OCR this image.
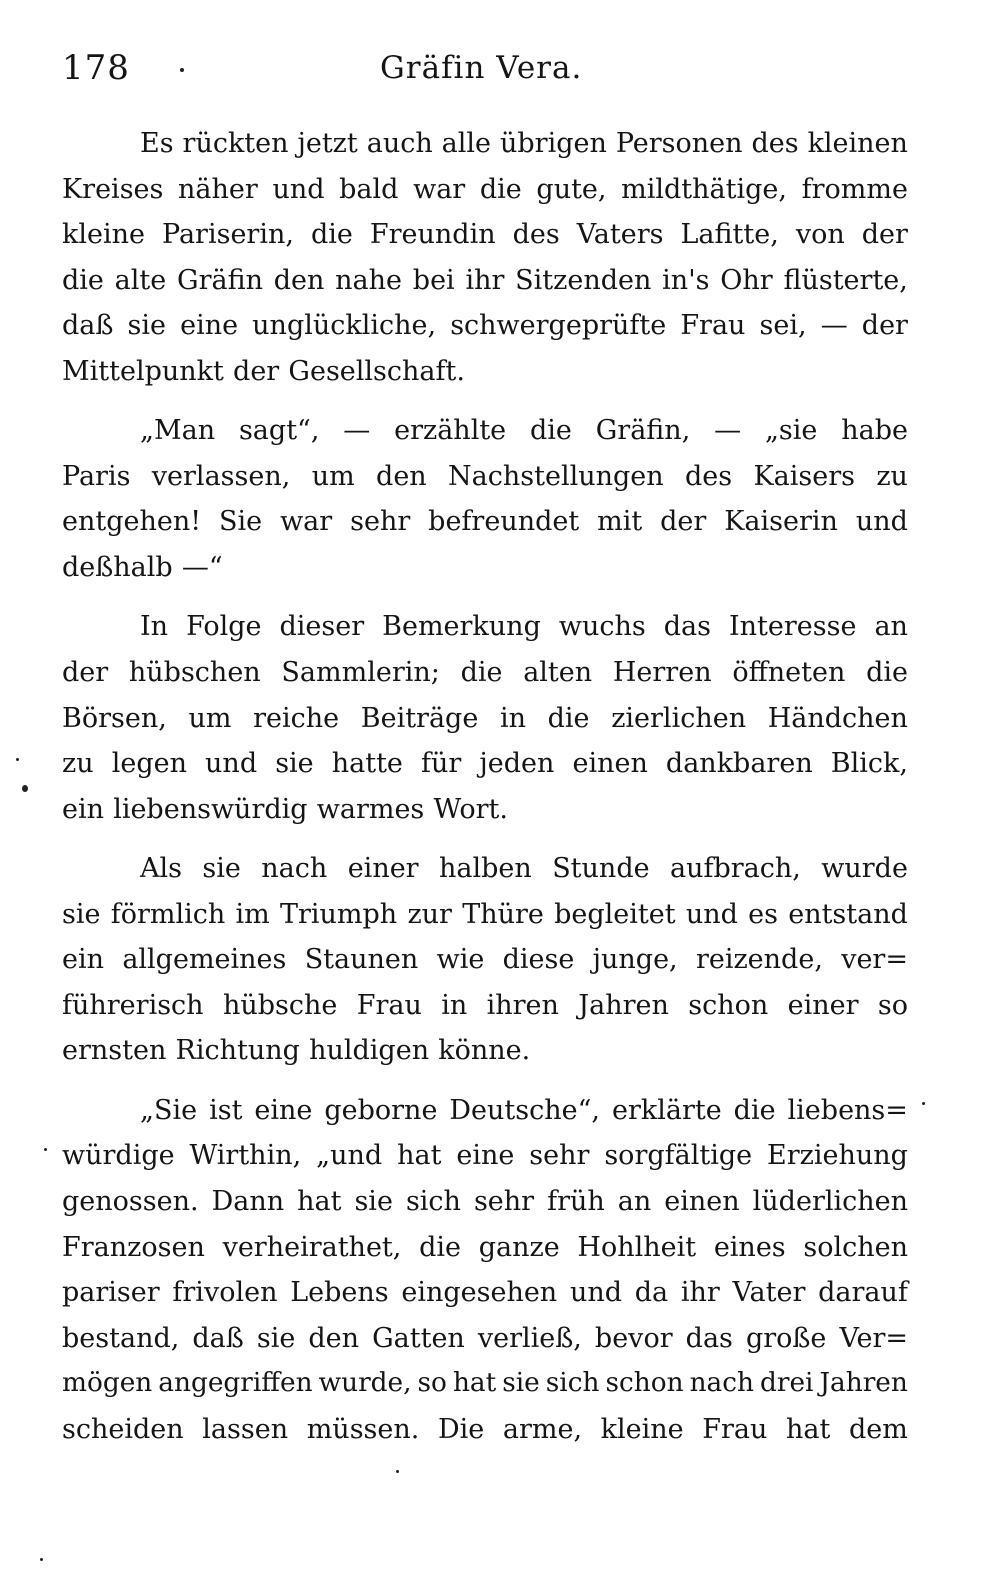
178	Gräfin Vera.
Es rückten jetzt auch alle übrigen Personen des kleinen
Kreises näher und bald war die gute, mildthätige, fromme
kleine Pariserin, die Freundin des Vaters Lafitte, von der
die alte Gräfin den nahe bei ihr Sitzenden in's Ohr flüsterte,
daß sie eine unglückliche, schwergeprüfte Frau sei, — der
Mittelpunkt der Gesellschaft.
„Man sagt“, — erzählte die Gräfin, — „sie habe
Paris verlassen, um den Nachstellungen des Kaisers zu
entgehen! Sie war sehr befreundet mit der Kaiserin und
deßhalb —“
In Folge dieser Bemerkung wuchs das Interesse an
der hübschen Sammlerin; die alten Herren öffneten die
Börsen, um reiche Beiträge in die zierlichen Händchen
zu legen und sie hatte für jeden einen dankbaren Blick,
ein liebenswürdig warmes Wort.
Als sie nach einer halben Stunde aufbrach, wurde
sie förmlich im Triumph zur Thüre begleitet und es entstand
ein allgemeines Staunen wie diese junge, reizende, ver=
führerisch hübsche Frau in ihren Jahren schon einer so
ernsten Richtung huldigen könne.
„Sie ist eine geborne Deutsche“, erklärte die liebens=
würdige Wirthin, „und hat eine sehr sorgfältige Erziehung
genossen. Dann hat sie sich sehr früh an einen lüderlichen
Franzosen verheirathet, die ganze Hohlheit eines solchen
pariser frivolen Lebens eingesehen und da ihr Vater darauf
bestand, daß sie den Gatten verließ, bevor das große Ver=
mögen angegriffen wurde, so hat sie sich schon nach drei Jahren
scheiden lassen müssen. Die arme, kleine Frau hat dem
